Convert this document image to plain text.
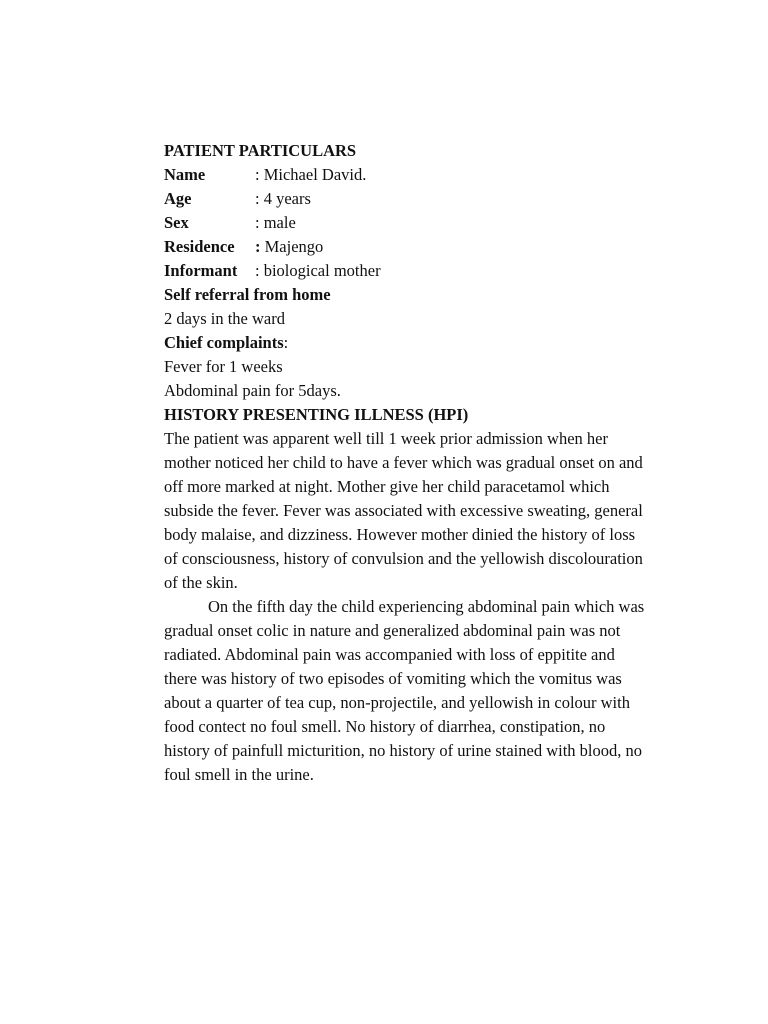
PATIENT PARTICULARS
Name	:
Michael David.
Age	:
4 years
Sex	:
male
Residence	:
Majengo
Informant	:
biological mother
Self referral from home
2 days in the ward
Chief complaints:
Fever for 1 weeks
Abdominal pain for 5days.
HISTORY PRESENTING ILLNESS (HPI)
The patient was apparent well till 1 week prior admission when her
mother noticed her child to have a fever which was gradual onset on and
off more marked at night. Mother give her child paracetamol which
subside the fever. Fever was associated with excessive sweating, general
body malaise, and dizziness. However mother dinied the history of loss
of consciousness, history of convulsion and the yellowish discolouration
of the skin.
On the fifth day the child experiencing abdominal pain which was
gradual onset colic in nature and generalized abdominal pain was not
radiated. Abdominal pain was accompanied with loss of eppitite and
there was history of two episodes of vomiting which the vomitus was
about a quarter of tea cup, non-projectile, and yellowish in colour with
food contect no foul smell. No history of diarrhea, constipation, no
history of painfull micturition, no history of urine stained with blood, no
foul smell in the urine.
